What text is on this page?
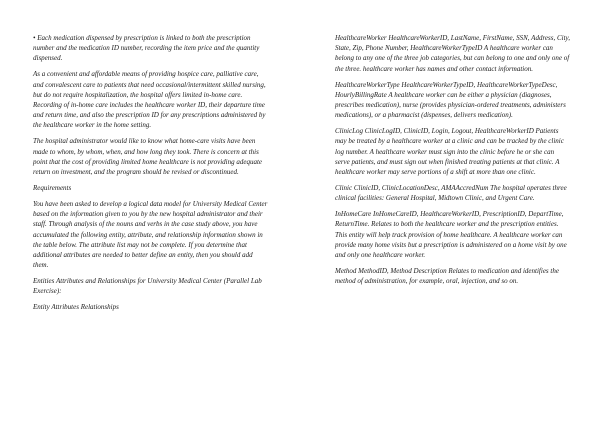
• Each medication dispensed by prescription is linked to both the prescription number and the medication ID number, recording the item price and the quantity dispensed.

As a convenient and affordable means of providing hospice care, palliative care, and convalescent care to patients that need occasional/intermittent skilled nursing, but do not require hospitalization, the hospital offers limited in-home care. Recording of in-home care includes the healthcare worker ID, their departure time and return time, and also the prescription ID for any prescriptions administered by the healthcare worker in the home setting.

The hospital administrator would like to know what home-care visits have been made to whom, by whom, when, and how long they took. There is concern at this point that the cost of providing limited home healthcare is not providing adequate return on investment, and the program should be revised or discontinued.

Requirements

You have been asked to develop a logical data model for University Medical Center based on the information given to you by the new hospital administrator and their staff. Through analysis of the nouns and verbs in the case study above, you have accumulated the following entity, attribute, and relationship information shown in the table below. The attribute list may not be complete. If you determine that additional attributes are needed to better define an entity, then you should add them.

Entities Attributes and Relationships for University Medical Center (Parallel Lab Exercise):

Entity Attributes Relationships

HealthcareWorker HealthcareWorkerID, LastName, FirstName, SSN, Address, City, State, Zip, Phone Number, HealthcareWorkerTypeID A healthcare worker can belong to any one of the three job categories, but can belong to one and only one of the three. healthcare worker has names and other contact information.

HealthcareWorkerType HealthcareWorkerTypeID, HealthcareWorkerTypeDesc, HourlyBillingRate A healthcare worker can be either a physician (diagnoses, prescribes medication), nurse (provides physician-ordered treatments, administers medications), or a pharmacist (dispenses, delivers medication).

ClinicLog ClinicLogID, ClinicID, Login, Logout, HealthcareWorkerID Patients may be treated by a healthcare worker at a clinic and can be tracked by the clinic log number. A healthcare worker must sign into the clinic before he or she can serve patients, and must sign out when finished treating patients at that clinic. A healthcare worker may serve portions of a shift at more than one clinic.

Clinic ClinicID, ClinicLocationDesc, AMAAccredNum The hospital operates three clinical facilities: General Hospital, Midtown Clinic, and Urgent Care.

InHomeCare InHomeCareID, HealthcareWorkerID, PrescriptionID, DepartTime, ReturnTime. Relates to both the healthcare worker and the prescription entities. This entity will help track provision of home healthcare. A healthcare worker can provide many home visits but a prescription is administered on a home visit by one and only one healthcare worker.

Method MethodID, Method Description Relates to medication and identifies the method of administration, for example, oral, injection, and so on.
